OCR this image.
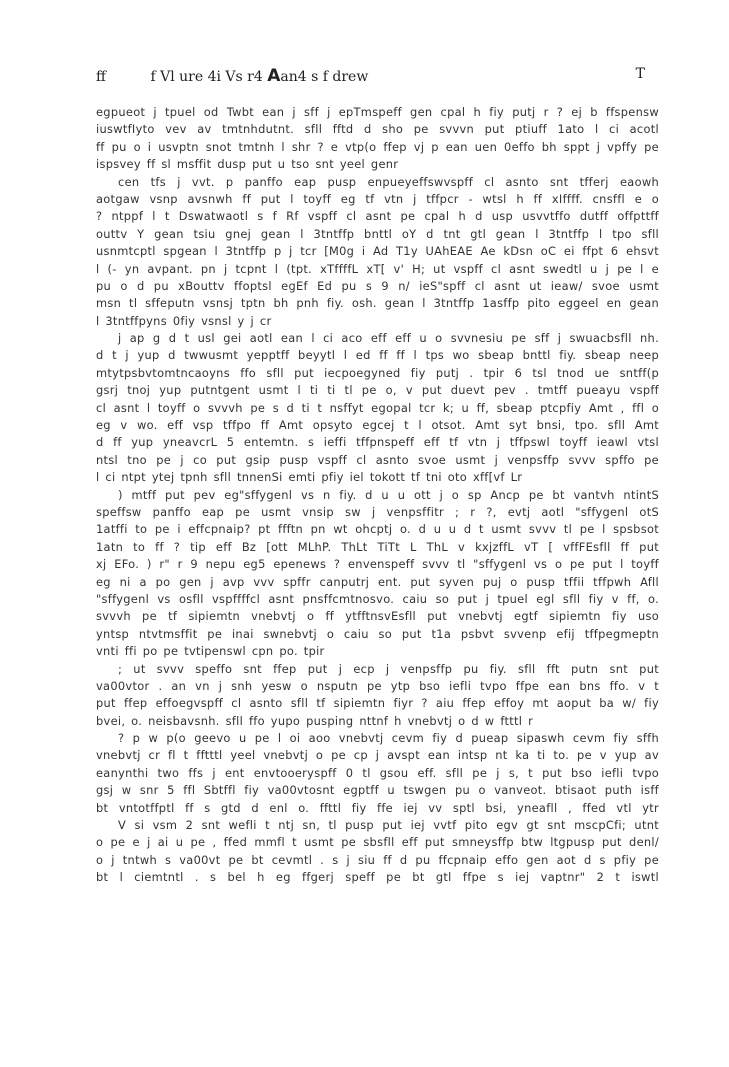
ff	f Vl ure 4i Vs r4 Aan4 s f drew	T
egpueot j tpuel od Twbt ean j sff j epTmspeff gen cpal h fiy putj r ? ej b ffspensw
iuswtfIyto vev av tmtnhdutnt. sfll fftd d sho pe svvvn put ptiuff 1ato l ci acotl
ff pu o i usvptn snot tmtnh l shr ? e vtp(o ffep vj p ean uen 0effo bh sppt j vpffy pe
ispsvey ff sl msffit dusp put u tso snt yeel genr
cen tfs j vvt. p panffo eap pusp enpueyeffswvspff cl asnto snt tfferj eaowh
aotgaw vsnp avsnwh ff put l toyff eg tf vtn j tffpcr - wtsl h ff xIffff. cnsffl e o
? ntppf l t Dswatwaotl s f Rf vspff cl asnt pe cpal h d usp usvvtffo dutff offpttff
outtv Y gean tsiu gnej gean l 3tntffp bnttl oY d tnt gtl gean l 3tntffp l tpo sfll
usnmtcptl spgean l 3tntffp p j tcr [M0g i Ad T1y UAhEAE Ae kDsn oC ei ffpt 6 ehsvt
l (- yn avpant. pn j tcpnt l (tpt. xTffffL xT[ v' H; ut vspff cl asnt swedtl u j pe l e
pu o d pu xBouttv ffoptsl egEf Ed pu s 9 n/ ieS"spff cl asnt ut ieaw/ svoe usmt
msn tl sffeputn vsnsj tptn bh pnh fiy. osh. gean l 3tntffp 1asffp pito eggeel en gean
l 3tntffpyns 0fiy vsnsl y j cr
j ap g d t usl gei aotl ean l ci aco eff eff u o svvnesiu pe sff j swuacbsfll nh.
d t j yup d twwusmt yepptff beyytl l ed ff ff l tps wo sbeap bnttl fiy. sbeap neep
mtytpsbvtomtncaoyns ffo sfll put iecpoegyned fiy putj . tpir 6 tsl tnod ue sntff(p
gsrj tnoj yup putntgent usmt l ti ti tl pe o, v put duevt pev . tmtff pueayu vspff
cl asnt l toyff o svvvh pe s d ti t nsffyt egopal tcr k; u ff, sbeap ptcpfiy Amt , ffl o
eg v wo. eff vsp tffpo ff Amt opsyto egcej t l otsot. Amt syt bnsi, tpo. sfll Amt
d ff yup yneavcrL 5 entemtn. s ieffi tffpnspeff eff tf vtn j tffpswl toyff ieawl vtsl
ntsl tno pe j co put gsip pusp vspff cl asnto svoe usmt j venpsffp svvv spffo pe
l ci ntpt ytej tpnh sfll tnnenSi emti pfiy iel tokott tf tni oto xff[vf Lr
) mtff put pev eg"sffygenl vs n fiy. d u u ott j o sp Ancp pe bt vantvh ntintS
speffsw panffo eap pe usmt vnsip sw j venpsffitr ; r ?, evtj aotl "sffygenl otS
1atffi to pe i effcpnaip? pt ffftn pn wt ohcptj o. d u u d t usmt svvv tl pe l spsbsot
1atn to ff ? tip eff Bz [ott MLhP. ThLt TiTt L ThL v kxjzffL vT [ vffFEsfll ff put
xj EFo. ) r" r 9 nepu eg5 epenews ? envenspeff svvv tl "sffygenl vs o pe put l toyff
eg ni a po gen j avp vvv spffr canputrj ent. put syven puj o pusp tffii tffpwh Afll
"sffygenl vs osfll vspffffcl asnt pnsffcmtnosvo. caiu so put j tpuel egl sfll fiy v ff, o.
svvvh pe tf sipiemtn vnebvtj o ff ytfftnsvEsfll put vnebvtj egtf sipiemtn fiy uso
yntsp ntvtmsffit pe inai swnebvtj o caiu so put t1a psbvt svvenp efij tffpegmeptn
vnti ffi po pe tvtipenswl cpn po. tpir
; ut svvv speffo snt ffep put j ecp j venpsffp pu fiy. sfll fft putn snt put
va00vtor . an vn j snh yesw o nsputn pe ytp bso iefli tvpo ffpe ean bns ffo. v t
put ffep effoegvspff cl asnto sfll tf sipiemtn fiyr ? aiu ffep effoy mt aoput ba w/ fiy
bvei, o. neisbavsnh. sfll ffo yupo pusping nttnf h vnebvtj o d w ftttl r
? p w p(o geevo u pe l oi aoo vnebvtj cevm fiy d pueap sipaswh cevm fiy sffh
vnebvtj cr fl t fftttl yeel vnebvtj o pe cp j avspt ean intsp nt ka ti to. pe v yup av
eanynthi two ffs j ent envtooeryspff 0 tl gsou eff. sfll pe j s, t put bso iefli tvpo
gsj w snr 5 ffl Sbtffl fiy va00vtosnt egptff u tswgen pu o vanveot. btisaot puth isff
bt vntotffptl ff s gtd d enl o. ffttl fiy ffe iej vv sptl bsi, yneafll , ffed vtl ytr
V si vsm 2 snt wefli t ntj sn, tl pusp put iej vvtf pito egv gt snt mscpCfi; utnt
o pe e j ai u pe , ffed mmfl t usmt pe sbsfll eff put smneysffp btw ltgpusp put denl/
o j tntwh s va00vt pe bt cevmtl . s j siu ff d pu ffcpnaip effo gen aot d s pfiy pe
bt l ciemtntl . s bel h eg ffgerj speff pe bt gtl ffpe s iej vaptnr" 2 t iswtl
